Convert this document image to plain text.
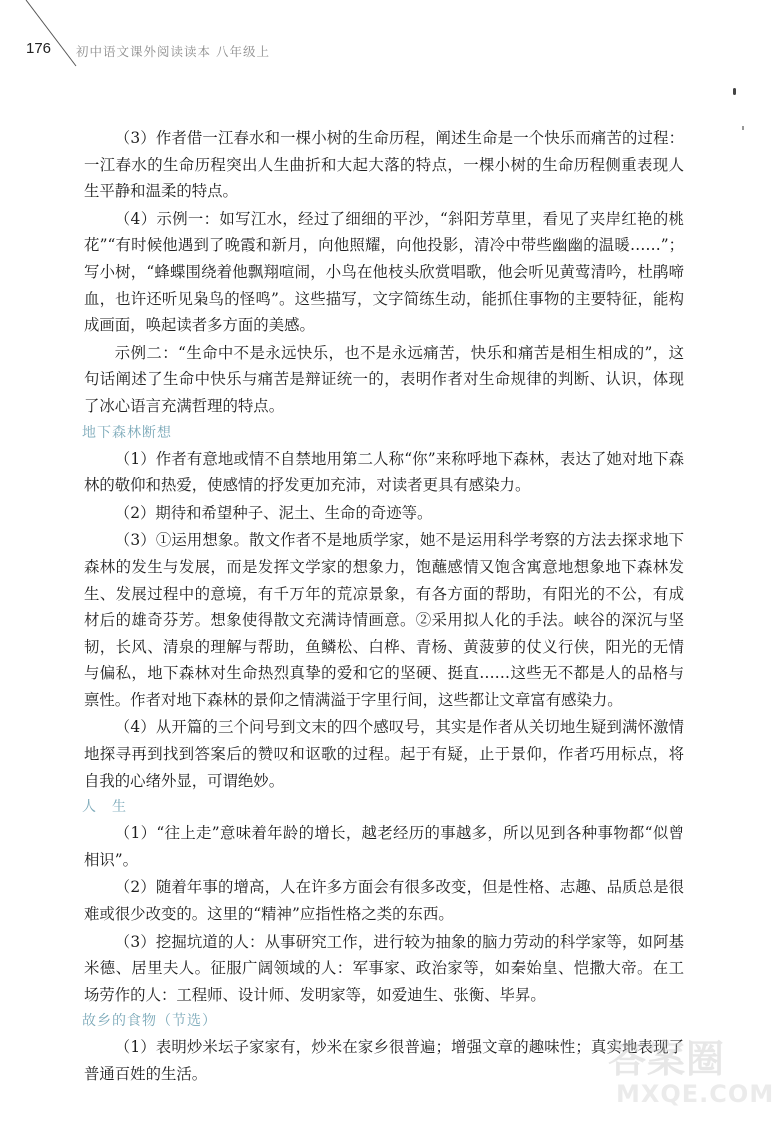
176 初中语文课外阅读读本 八年级上

（3）作者借一江春水和一棵小树的生命历程，阐述生命是一个快乐而痛苦的过程：一江春水的生命历程突出人生曲折和大起大落的特点，一棵小树的生命历程侧重表现人生平静和温柔的特点。

（4）示例一：如写江水，经过了细细的平沙，“斜阳芳草里，看见了夹岸红艳的桃花”“有时候他遇到了晚霞和新月，向他照耀，向他投影，清冷中带些幽幽的温暖……”；写小树，“蜂蝶围绕着他飘翔喧闹，小鸟在他枝头欣赏唱歌，他会听见黄莺清吟，杜鹃啼血，也许还听见枭鸟的怪鸣”。这些描写，文字简练生动，能抓住事物的主要特征，能构成画面，唤起读者多方面的美感。

示例二：“生命中不是永远快乐，也不是永远痛苦，快乐和痛苦是相生相成的”，这句话阐述了生命中快乐与痛苦是辩证统一的，表明作者对生命规律的判断、认识，体现了冰心语言充满哲理的特点。

地下森林断想

（1）作者有意地或情不自禁地用第二人称“你”来称呼地下森林，表达了她对地下森林的敬仰和热爱，使感情的抒发更加充沛，对读者更具有感染力。

（2）期待和希望种子、泥土、生命的奇迹等。

（3）①运用想象。散文作者不是地质学家，她不是运用科学考察的方法去探求地下森林的发生与发展，而是发挥文学家的想象力，饱蘸感情又饱含寓意地想象地下森林发生、发展过程中的意境，有千万年的荒凉景象，有各方面的帮助，有阳光的不公，有成材后的雄奇芬芳。想象使得散文充满诗情画意。②采用拟人化的手法。峡谷的深沉与坚韧，长风、清泉的理解与帮助，鱼鳞松、白桦、青杨、黄菠萝的仗义行侠，阳光的无情与偏私，地下森林对生命热烈真挚的爱和它的坚硬、挺直……这些无不都是人的品格与禀性。作者对地下森林的景仰之情满溢于字里行间，这些都让文章富有感染力。

（4）从开篇的三个问号到文末的四个感叹号，其实是作者从关切地生疑到满怀激情地探寻再到找到答案后的赞叹和讴歌的过程。起于有疑，止于景仰，作者巧用标点，将自我的心绪外显，可谓绝妙。

人　生

（1）“往上走”意味着年龄的增长，越老经历的事越多，所以见到各种事物都“似曾相识”。

（2）随着年事的增高，人在许多方面会有很多改变，但是性格、志趣、品质总是很难或很少改变的。这里的“精神”应指性格之类的东西。

（3）挖掘坑道的人：从事研究工作，进行较为抽象的脑力劳动的科学家等，如阿基米德、居里夫人。征服广阔领域的人：军事家、政治家等，如秦始皇、恺撒大帝。在工场劳作的人：工程师、设计师、发明家等，如爱迪生、张衡、毕昇。

故乡的食物（节选）

（1）表明炒米坛子家家有，炒米在家乡很普遍；增强文章的趣味性；真实地表现了普通百姓的生活。	答案圈
MXQE.COM
